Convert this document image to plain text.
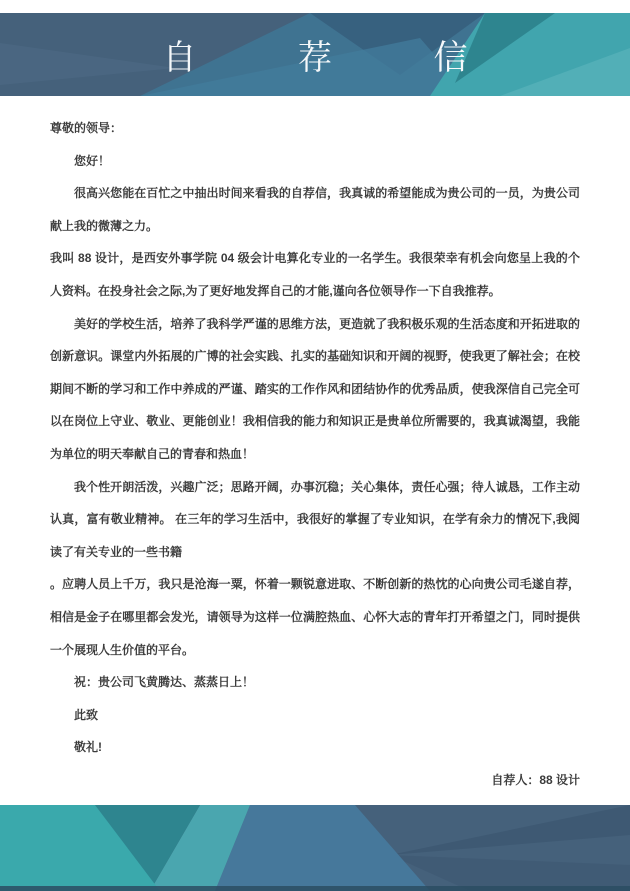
自 荐 信

尊敬的领导：

您好！

很高兴您能在百忙之中抽出时间来看我的自荐信，我真诚的希望能成为贵公司的一员，为贵公司献上我的微薄之力。

我叫 88 设计，是西安外事学院 04 级会计电算化专业的一名学生。我很荣幸有机会向您呈上我的个人资料。在投身社会之际,为了更好地发挥自己的才能,谨向各位领导作一下自我推荐。

美好的学校生活，培养了我科学严谨的思维方法，更造就了我积极乐观的生活态度和开拓进取的创新意识。课堂内外拓展的广博的社会实践、扎实的基础知识和开阔的视野，使我更了解社会；在校期间不断的学习和工作中养成的严谨、踏实的工作作风和团结协作的优秀品质，使我深信自己完全可以在岗位上守业、敬业、更能创业！我相信我的能力和知识正是贵单位所需要的，我真诚渴望，我能为单位的明天奉献自己的青春和热血！

我个性开朗活泼，兴趣广泛；思路开阔，办事沉稳；关心集体，责任心强；待人诚恳，工作主动认真，富有敬业精神。 在三年的学习生活中，我很好的掌握了专业知识，在学有余力的情况下,我阅读了有关专业的一些书籍

。应聘人员上千万，我只是沧海一粟，怀着一颗锐意进取、不断创新的热忱的心向贵公司毛遂自荐，相信是金子在哪里都会发光，请领导为这样一位满腔热血、心怀大志的青年打开希望之门，同时提供一个展现人生价值的平台。

祝：贵公司飞黄腾达、蒸蒸日上！

此致

敬礼!

自荐人：88 设计
